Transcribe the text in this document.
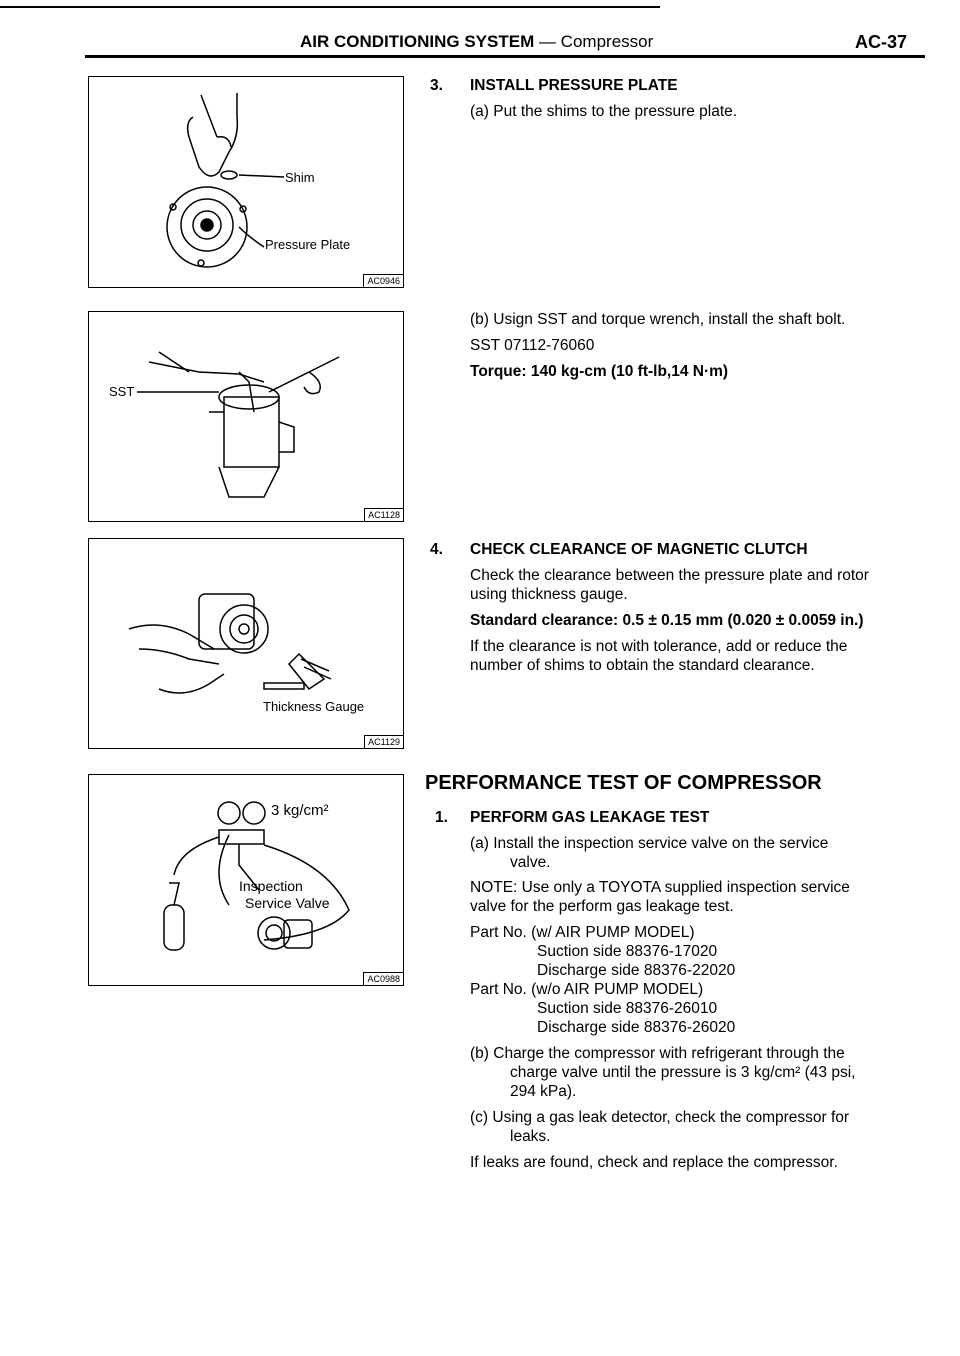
AIR CONDITIONING SYSTEM — Compressor	AC-37
Shim
Pressure Plate
AC0946
SST
AC1128
Thickness Gauge
AC1129
3 kg/cm²
Inspection
Service Valve
AC0988
3. INSTALL PRESSURE PLATE
(a) Put the shims to the pressure plate.
(b) Usign SST and torque wrench, install the shaft bolt.
SST 07112-76060
Torque: 140 kg-cm (10 ft-lb,14 N·m)
4. CHECK CLEARANCE OF MAGNETIC CLUTCH
Check the clearance between the pressure plate and rotor
using thickness gauge.
Standard clearance: 0.5 ± 0.15 mm (0.020 ± 0.0059 in.)
If the clearance is not with tolerance, add or reduce the
number of shims to obtain the standard clearance.
PERFORMANCE TEST OF COMPRESSOR
1. PERFORM GAS LEAKAGE TEST
(a) Install the inspection service valve on the service
valve.
NOTE: Use only a TOYOTA supplied inspection service
valve for the perform gas leakage test.
Part No. (w/ AIR PUMP MODEL)
Suction side 88376-17020
Discharge side 88376-22020
Part No. (w/o AIR PUMP MODEL)
Suction side 88376-26010
Discharge side 88376-26020
(b) Charge the compressor with refrigerant through the
charge valve until the pressure is 3 kg/cm² (43 psi,
294 kPa).
(c) Using a gas leak detector, check the compressor for
leaks.
If leaks are found, check and replace the compressor.
